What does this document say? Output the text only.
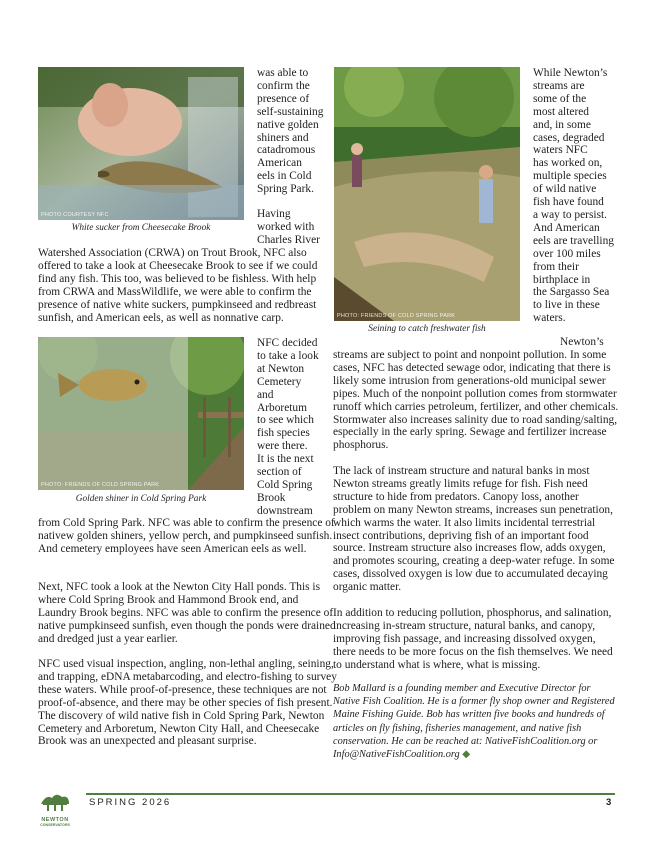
PHOTO COURTESY NFC
White sucker from Cheesecake Brook

was able to

confirm the

presence of

self-sustaining

native golden

shiners and

catadromous

American

eels in Cold

Spring Park.

Having

worked with

Charles River

Watershed Association (CRWA) on Trout Brook, NFC also offered to take a look at Cheesecake Brook to see if we could find any fish. This too, was believed to be fishless. With help from CRWA and MassWildlife, we were able to confirm the presence of native white suckers, pumpkinseed and redbreast sunfish, and American eels, as well as nonnative carp.	PHOTO: FRIENDS OF COLD SPRING PARK
Seining to catch freshwater fish

While Newton’s

streams are

some of the

most altered

and, in some

cases, degraded

waters NFC

has worked on,

multiple species

of wild native

fish have found

a way to persist.

And American

eels are travelling

over 100 miles

from their

birthplace in

the Sargasso Sea

to live in these

waters.

Newton’s

streams are subject to point and nonpoint pollution. In some cases, NFC has detected sewage odor, indicating that there is likely some intrusion from generations-old municipal sewer pipes. Much of the nonpoint pollution comes from stormwater runoff which carries petroleum, fertilizer, and other chemicals. Stormwater also increases salinity due to road sanding/salting, especially in the early spring. Sewage and fertilizer increase phosphorus.

PHOTO: FRIENDS OF COLD SPRING PARK
Golden shiner in Cold Spring Park

NFC decided

to take a look

at Newton

Cemetery

and

Arboretum

to see which

fish species

were there.

It is the next

section of

Cold Spring

Brook

downstream

from Cold Spring Park. NFC was able to confirm the presence of nativew golden shiners, yellow perch, and pumpkinseed sunfish. And cemetery employees have seen American eels as well.

Next, NFC took a look at the Newton City Hall ponds. This is where Cold Spring Brook and Hammond Brook end, and Laundry Brook begins. NFC was able to confirm the presence of native pumpkinseed sunfish, even though the ponds were drained and dredged just a year earlier.

NFC used visual inspection, angling, non-lethal angling, seining, and trapping, eDNA metabarcoding, and electro-fishing to survey these waters. While proof-of-presence, these techniques are not proof-of-absence, and there may be other species of fish present. The discovery of wild native fish in Cold Spring Park, Newton Cemetery and Arboretum, Newton City Hall, and Cheesecake Brook was an unexpected and pleasant surprise.

The lack of instream structure and natural banks in most Newton streams greatly limits refuge for fish. Fish need structure to hide from predators. Canopy loss, another problem on many Newton streams, increases sun penetration, which warms the water. It also limits incidental terrestrial insect contributions, depriving fish of an important food source. Instream structure also increases flow, adds oxygen, and promotes scouring, creating a deep-water refuge. In some cases, dissolved oxygen is low due to accumulated decaying organic matter.

In addition to reducing pollution, phosphorus, and salination, increasing in-stream structure, natural banks, and canopy, improving fish passage, and increasing dissolved oxygen, there needs to be more focus on the fish themselves. We need to understand what is where, what is missing.

Bob Mallard is a founding member and Executive Director for Native Fish Coalition. He is a former fly shop owner and Registered Maine Fishing Guide. Bob has written five books and hundreds of articles on fly fishing, fisheries management, and native fish conservation. He can be reached at: NativeFishCoalition.org or Info@NativeFishCoalition.org ◆

NEWTON
CONSERVATORS
SPRING 2026	3
